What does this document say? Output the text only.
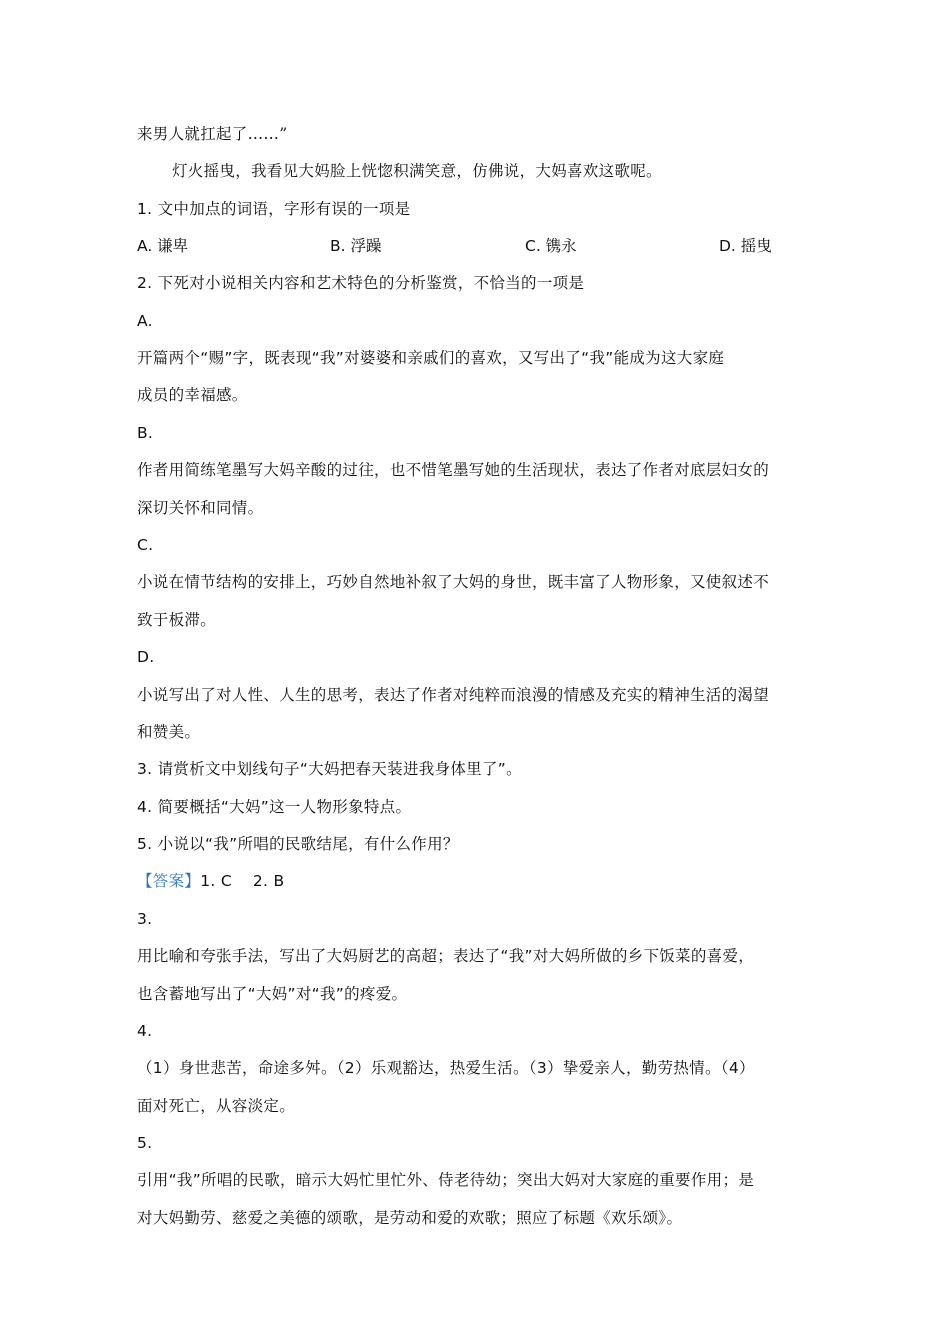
来男人就扛起了……”
灯火摇曳，我看见大妈脸上恍惚积满笑意，仿佛说，大妈喜欢这歌呢。
1. 文中加点的词语，字形有误的一项是
A. 谦卑	B. 浮躁	C. 镌永	D. 摇曳
2. 下死对小说相关内容和艺术特色的分析鉴赏，不恰当的一项是
A.
开篇两个“赐”字，既表现“我”对婆婆和亲戚们的喜欢，又写出了“我”能成为这大家庭
成员的幸福感。
B.
作者用简练笔墨写大妈辛酸的过往，也不惜笔墨写她的生活现状，表达了作者对底层妇女的
深切关怀和同情。
C.
小说在情节结构的安排上，巧妙自然地补叙了大妈的身世，既丰富了人物形象，又使叙述不
致于板滞。
D.
小说写出了对人性、人生的思考，表达了作者对纯粹而浪漫的情感及充实的精神生活的渴望
和赞美。
3. 请赏析文中划线句子“大妈把春天装进我身体里了”。
4. 简要概括“大妈”这一人物形象特点。
5. 小说以“我”所唱的民歌结尾，有什么作用？
【答案】1. C    2. B
3.
用比喻和夸张手法，写出了大妈厨艺的高超；表达了“我”对大妈所做的乡下饭菜的喜爱，
也含蓄地写出了“大妈”对“我”的疼爱。
4.
（1）身世悲苦，命途多舛。（2）乐观豁达，热爱生活。（3）挚爱亲人，勤劳热情。（4）
面对死亡，从容淡定。
5.
引用“我”所唱的民歌，暗示大妈忙里忙外、侍老待幼；突出大妈对大家庭的重要作用；是
对大妈勤劳、慈爱之美德的颂歌，是劳动和爱的欢歌；照应了标题《欢乐颂》。
